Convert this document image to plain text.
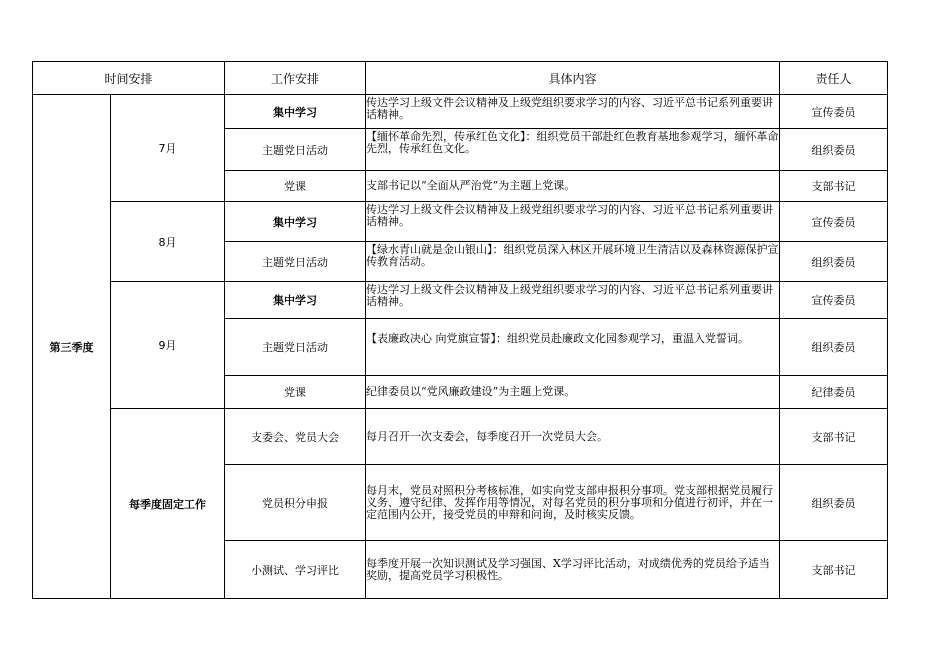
时间安排		工作安排	具体内容	责任人
第三季度	7月	集中学习	传达学习上级文件会议精神及上级党组织要求学习的内容、习近平总书记系列重要讲话精神。	宣传委员
		主题党日活动	【缅怀革命先烈，传承红色文化】：组织党员干部赴红色教育基地参观学习，缅怀革命先烈，传承红色文化。	组织委员
		党课	支部书记以“全面从严治党”为主题上党课。	支部书记
	8月	集中学习	传达学习上级文件会议精神及上级党组织要求学习的内容、习近平总书记系列重要讲话精神。	宣传委员
		主题党日活动	【绿水青山就是金山银山】：组织党员深入林区开展环境卫生清洁以及森林资源保护宣传教育活动。	组织委员
	9月	集中学习	传达学习上级文件会议精神及上级党组织要求学习的内容、习近平总书记系列重要讲话精神。	宣传委员
		主题党日活动	【表廉政决心 向党旗宣誓】：组织党员赴廉政文化园参观学习，重温入党誓词。	组织委员
		党课	纪律委员以“党风廉政建设”为主题上党课。	纪律委员
	每季度固定工作	支委会、党员大会	每月召开一次支委会，每季度召开一次党员大会。	支部书记
		党员积分申报	每月末，党员对照积分考核标准，如实向党支部申报积分事项。党支部根据党员履行义务、遵守纪律、发挥作用等情况，对每名党员的积分事项和分值进行初评，并在一定范围内公开，接受党员的申辩和问询，及时核实反馈。	组织委员
		小测试、学习评比	每季度开展一次知识测试及学习强国、X学习评比活动，对成绩优秀的党员给予适当奖励，提高党员学习积极性。	支部书记
